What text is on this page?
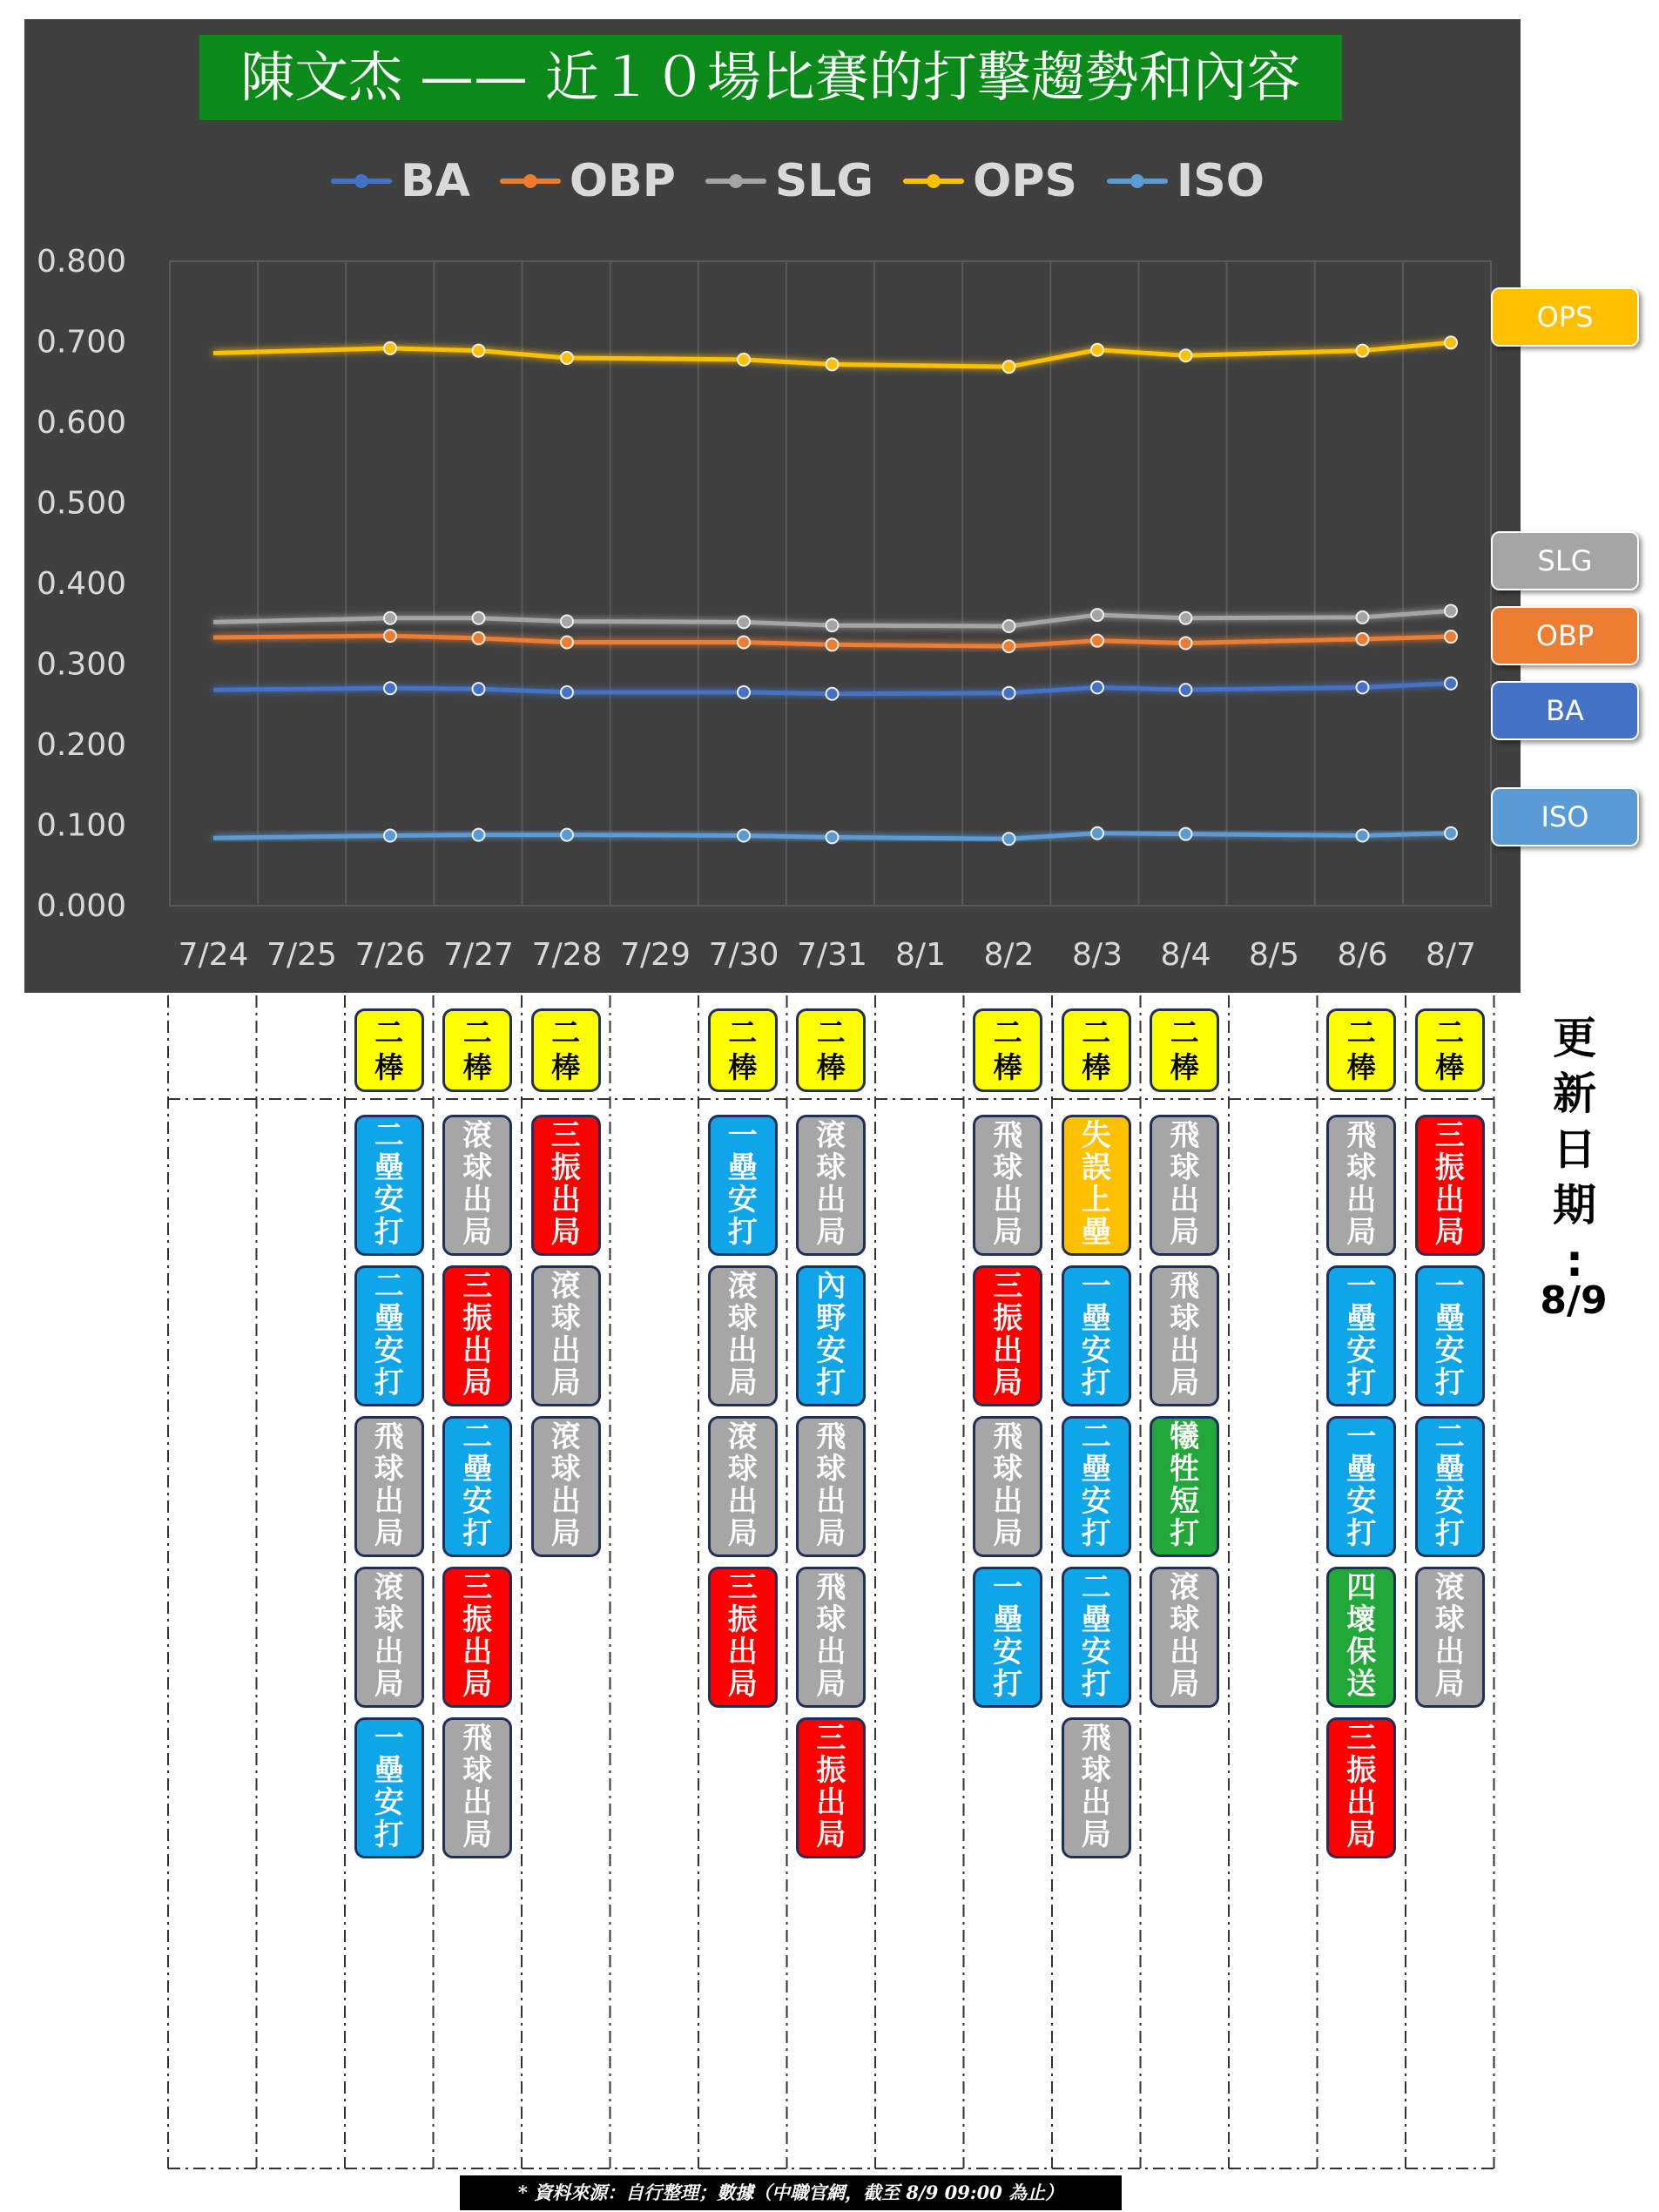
陳文杰 —— 近１０場比賽的打擊趨勢和內容
BA OBP SLG OPS ISO
0.000
0.100
0.200
0.300
0.400
0.500
0.600
0.700
0.800
7/24 7/25 7/26 7/27 7/28 7/29 7/30 7/31 8/1 8/2 8/3 8/4 8/5 8/6 8/7
OPS
SLG
OBP
BA
ISO
二
棒
二
壘
安
打
二
壘
安
打
飛
球
出
局
滾
球
出
局
一
壘
安
打
二
棒
滾
球
出
局
三
振
出
局
二
壘
安
打
三
振
出
局
飛
球
出
局
二
棒
三
振
出
局
滾
球
出
局
滾
球
出
局
二
棒
一
壘
安
打
滾
球
出
局
滾
球
出
局
三
振
出
局
二
棒
滾
球
出
局
內
野
安
打
飛
球
出
局
飛
球
出
局
三
振
出
局
二
棒
飛
球
出
局
三
振
出
局
飛
球
出
局
一
壘
安
打
二
棒
失
誤
上
壘
一
壘
安
打
二
壘
安
打
二
壘
安
打
飛
球
出
局
二
棒
飛
球
出
局
飛
球
出
局
犧
牲
短
打
滾
球
出
局
二
棒
飛
球
出
局
一
壘
安
打
一
壘
安
打
四
壞
保
送
三
振
出
局
二
棒
三
振
出
局
一
壘
安
打
二
壘
安
打
滾
球
出
局
更
新
日
期
:
8/9
* 資料來源：自行整理；數據（中職官網，截至 8/9 09:00 為止）
